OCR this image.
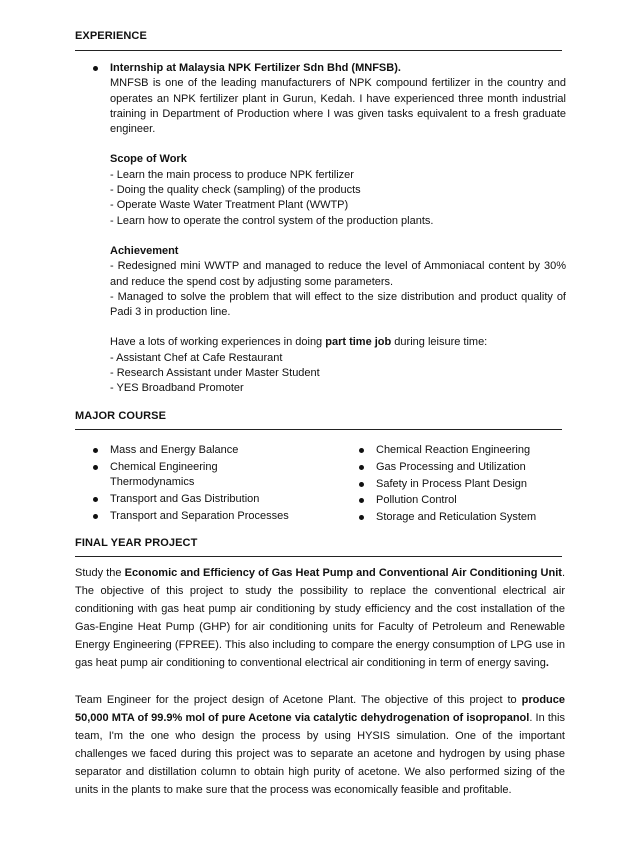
EXPERIENCE
Internship at Malaysia NPK Fertilizer Sdn Bhd (MNFSB).
MNFSB is one of the leading manufacturers of NPK compound fertilizer in the country and operates an NPK fertilizer plant in Gurun, Kedah. I have experienced three month industrial training in Department of Production where I was given tasks equivalent to a fresh graduate engineer.
Scope of Work
- Learn the main process to produce NPK fertilizer
- Doing the quality check (sampling) of the products
- Operate Waste Water Treatment Plant (WWTP)
- Learn how to operate the control system of the production plants.
Achievement
- Redesigned mini WWTP and managed to reduce the level of Ammoniacal content by 30% and reduce the spend cost by adjusting some parameters.
- Managed to solve the problem that will effect to the size distribution and product quality of Padi 3 in production line.
Have a lots of working experiences in doing part time job during leisure time:
- Assistant Chef at Cafe Restaurant
- Research Assistant under Master Student
- YES Broadband Promoter
MAJOR COURSE
Mass and Energy Balance
Chemical Engineering Thermodynamics
Transport and Gas Distribution
Transport and Separation Processes
Chemical Reaction Engineering
Gas Processing and Utilization
Safety in Process Plant Design
Pollution Control
Storage and Reticulation System
FINAL YEAR PROJECT
Study the Economic and Efficiency of Gas Heat Pump and Conventional Air Conditioning Unit. The objective of this project to study the possibility to replace the conventional electrical air conditioning with gas heat pump air conditioning by study efficiency and the cost installation of the Gas-Engine Heat Pump (GHP) for air conditioning units for Faculty of Petroleum and Renewable Energy Engineering (FPREE). This also including to compare the energy consumption of LPG use in gas heat pump air conditioning to conventional electrical air conditioning in term of energy saving.
Team Engineer for the project design of Acetone Plant. The objective of this project to produce 50,000 MTA of 99.9% mol of pure Acetone via catalytic dehydrogenation of isopropanol. In this team, I'm the one who design the process by using HYSIS simulation. One of the important challenges we faced during this project was to separate an acetone and hydrogen by using phase separator and distillation column to obtain high purity of acetone. We also performed sizing of the units in the plants to make sure that the process was economically feasible and profitable.
